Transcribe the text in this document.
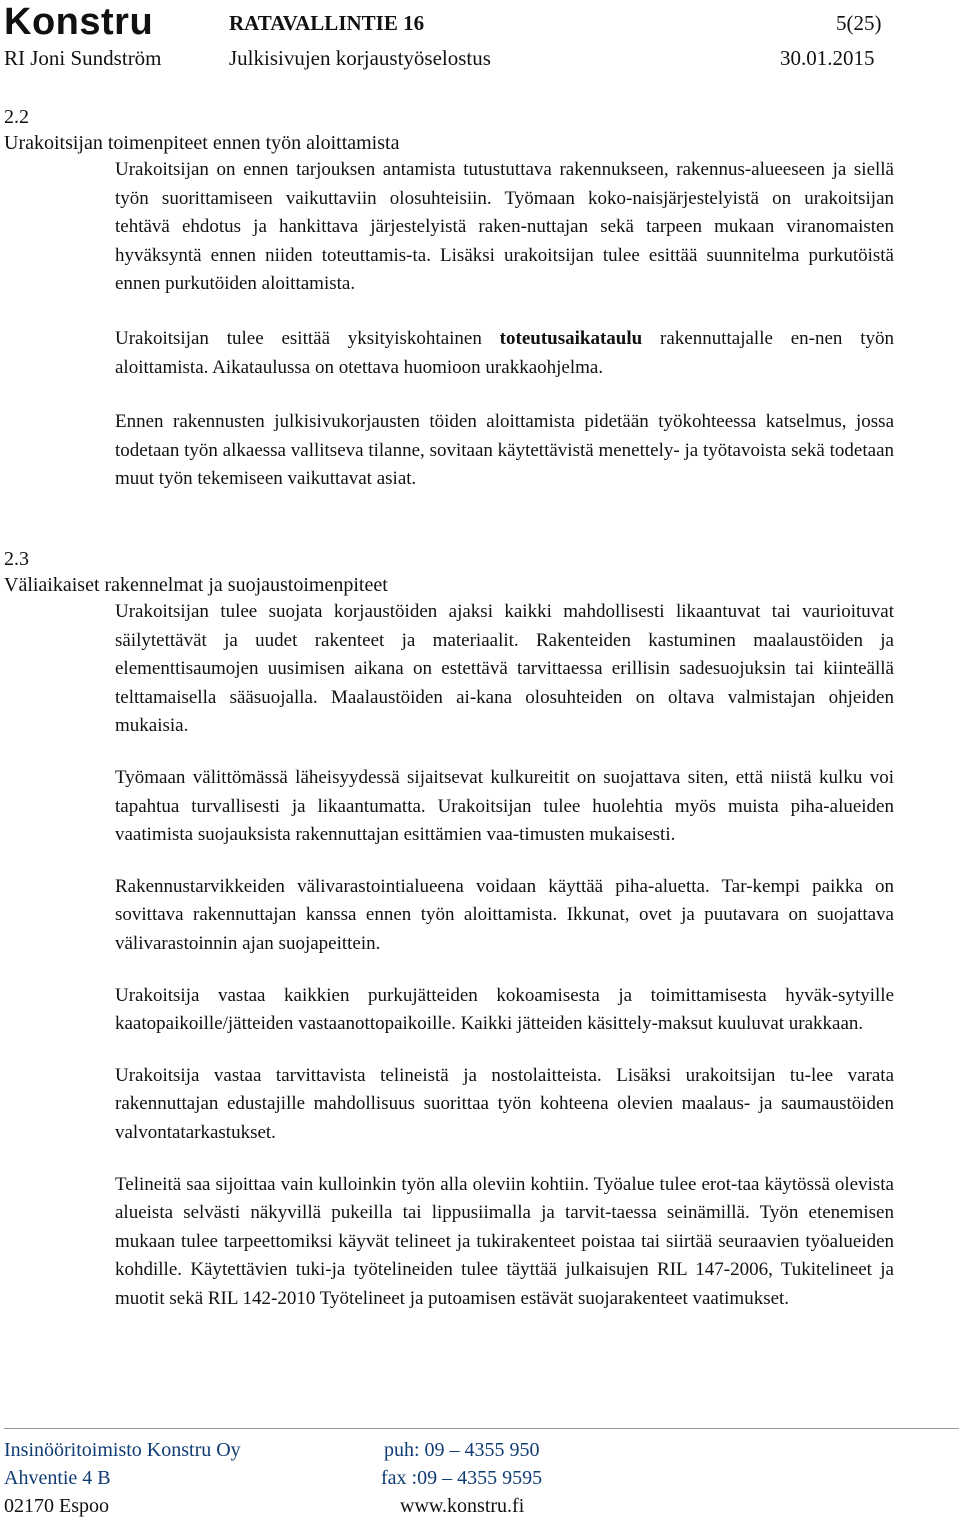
Konstru	RATAVALLINTIE 16	5(25)
RI Joni Sundström	Julkisivujen korjaustyöselostus	30.01.2015
2.2
Urakoitsijan toimenpiteet ennen työn aloittamista

Urakoitsijan on ennen tarjouksen antamista tutustuttava rakennukseen, rakennus-alueeseen ja siellä työn suorittamiseen vaikuttaviin olosuhteisiin. Työmaan koko-naisjärjestelyistä on urakoitsijan tehtävä ehdotus ja hankittava järjestelyistä raken-nuttajan sekä tarpeen mukaan viranomaisten hyväksyntä ennen niiden toteuttamis-ta. Lisäksi urakoitsijan tulee esittää suunnitelma purkutöistä ennen purkutöiden aloittamista.

Urakoitsijan tulee esittää yksityiskohtainen toteutusaikataulu rakennuttajalle en-nen työn aloittamista. Aikataulussa on otettava huomioon urakkaohjelma.

Ennen rakennusten julkisivukorjausten töiden aloittamista pidetään työkohteessa katselmus, jossa todetaan työn alkaessa vallitseva tilanne, sovitaan käytettävistä menettely- ja työtavoista sekä todetaan muut työn tekemiseen vaikuttavat asiat.

2.3
Väliaikaiset rakennelmat ja suojaustoimenpiteet

Urakoitsijan tulee suojata korjaustöiden ajaksi kaikki mahdollisesti likaantuvat tai vaurioituvat säilytettävät ja uudet rakenteet ja materiaalit. Rakenteiden kastuminen maalaustöiden ja elementtisaumojen uusimisen aikana on estettävä tarvittaessa erillisin sadesuojuksin tai kiinteällä telttamaisella sääsuojalla. Maalaustöiden ai-kana olosuhteiden on oltava valmistajan ohjeiden mukaisia.

Työmaan välittömässä läheisyydessä sijaitsevat kulkureitit on suojattava siten, että niistä kulku voi tapahtua turvallisesti ja likaantumatta. Urakoitsijan tulee huolehtia myös muista piha-alueiden vaatimista suojauksista rakennuttajan esittämien vaa-timusten mukaisesti.

Rakennustarvikkeiden välivarastointialueena voidaan käyttää piha-aluetta. Tar-kempi paikka on sovittava rakennuttajan kanssa ennen työn aloittamista. Ikkunat, ovet ja puutavara on suojattava välivarastoinnin ajan suojapeittein.

Urakoitsija vastaa kaikkien purkujätteiden kokoamisesta ja toimittamisesta hyväk-sytyille kaatopaikoille/jätteiden vastaanottopaikoille. Kaikki jätteiden käsittely-maksut kuuluvat urakkaan.

Urakoitsija vastaa tarvittavista telineistä ja nostolaitteista. Lisäksi urakoitsijan tu-lee varata rakennuttajan edustajille mahdollisuus suorittaa työn kohteena olevien maalaus- ja saumaustöiden valvontatarkastukset.

Telineitä saa sijoittaa vain kulloinkin työn alla oleviin kohtiin. Työalue tulee erot-taa käytössä olevista alueista selvästi näkyvillä pukeilla tai lippusiimalla ja tarvit-taessa seinämillä. Työn etenemisen mukaan tulee tarpeettomiksi käyvät telineet ja tukirakenteet poistaa tai siirtää seuraavien työalueiden kohdille. Käytettävien tuki-ja työtelineiden tulee täyttää julkaisujen RIL 147-2006, Tukitelineet ja muotit sekä RIL 142-2010 Työtelineet ja putoamisen estävät suojarakenteet vaatimukset.

Insinööritoimisto Konstru Oy
Ahventie 4 B
02170 Espoo
puh: 09 – 4355 950
fax :09 – 4355 9595
www.konstru.fi
